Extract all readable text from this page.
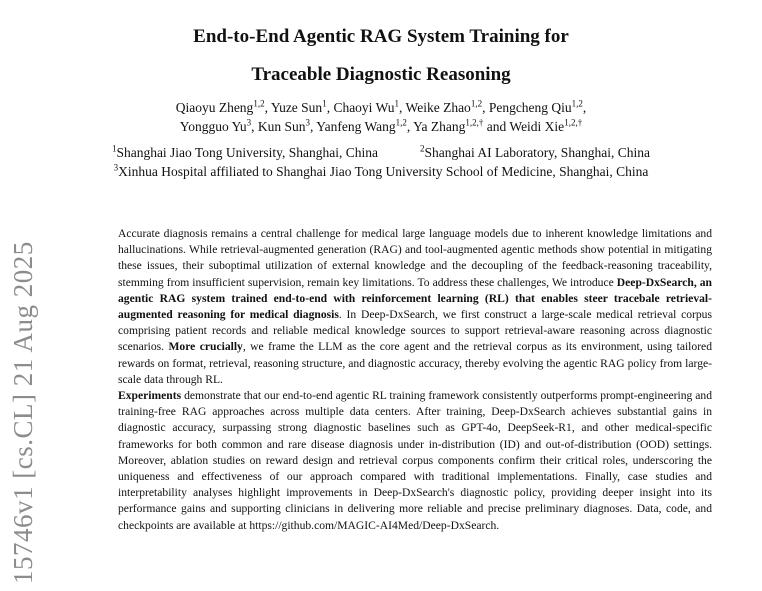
End-to-End Agentic RAG System Training for
Traceable Diagnostic Reasoning
Qiaoyu Zheng$^{1,2}$, Yuze Sun$^1$, Chaoyi Wu$^1$, Weike Zhao$^{1,2}$, Pengcheng Qiu$^{1,2}$,
Yongguo Yu$^3$, Kun Sun$^3$, Yanfeng Wang$^{1,2}$, Ya Zhang$^{1,2,\dagger}$ and Weidi Xie$^{1,2,\dagger}$
$^1$Shanghai Jiao Tong University, Shanghai, China	$^2$Shanghai AI Laboratory, Shanghai, China
$^3$Xinhua Hospital affiliated to Shanghai Jiao Tong University School of Medicine, Shanghai, China
15746v1 [cs.CL] 21 Aug 2025

Accurate diagnosis remains a central challenge for medical large language models due to inherent knowledge limitations and hallucinations. While retrieval-augmented generation (RAG) and tool-augmented agentic methods show potential in mitigating these issues, their suboptimal utilization of external knowledge and the decoupling of the feedback-reasoning traceability, stemming from insufficient supervision, remain key limitations. To address these challenges, We introduce Deep-DxSearch, an agentic RAG system trained end-to-end with reinforcement learning (RL) that enables steer tracebale retrieval-augmented reasoning for medical diagnosis. In Deep-DxSearch, we first construct a large-scale medical retrieval corpus comprising patient records and reliable medical knowledge sources to support retrieval-aware reasoning across diagnostic scenarios. More crucially, we frame the LLM as the core agent and the retrieval corpus as its environment, using tailored rewards on format, retrieval, reasoning structure, and diagnostic accuracy, thereby evolving the agentic RAG policy from large-scale data through RL.

Experiments demonstrate that our end-to-end agentic RL training framework consistently outperforms prompt-engineering and training-free RAG approaches across multiple data centers. After training, Deep-DxSearch achieves substantial gains in diagnostic accuracy, surpassing strong diagnostic baselines such as GPT-4o, DeepSeek-R1, and other medical-specific frameworks for both common and rare disease diagnosis under in-distribution (ID) and out-of-distribution (OOD) settings. Moreover, ablation studies on reward design and retrieval corpus components confirm their critical roles, underscoring the uniqueness and effectiveness of our approach compared with traditional implementations. Finally, case studies and interpretability analyses highlight improvements in Deep-DxSearch's diagnostic policy, providing deeper insight into its performance gains and supporting clinicians in delivering more reliable and precise preliminary diagnoses. Data, code, and checkpoints are available at https://github.com/MAGIC-AI4Med/Deep-DxSearch.
